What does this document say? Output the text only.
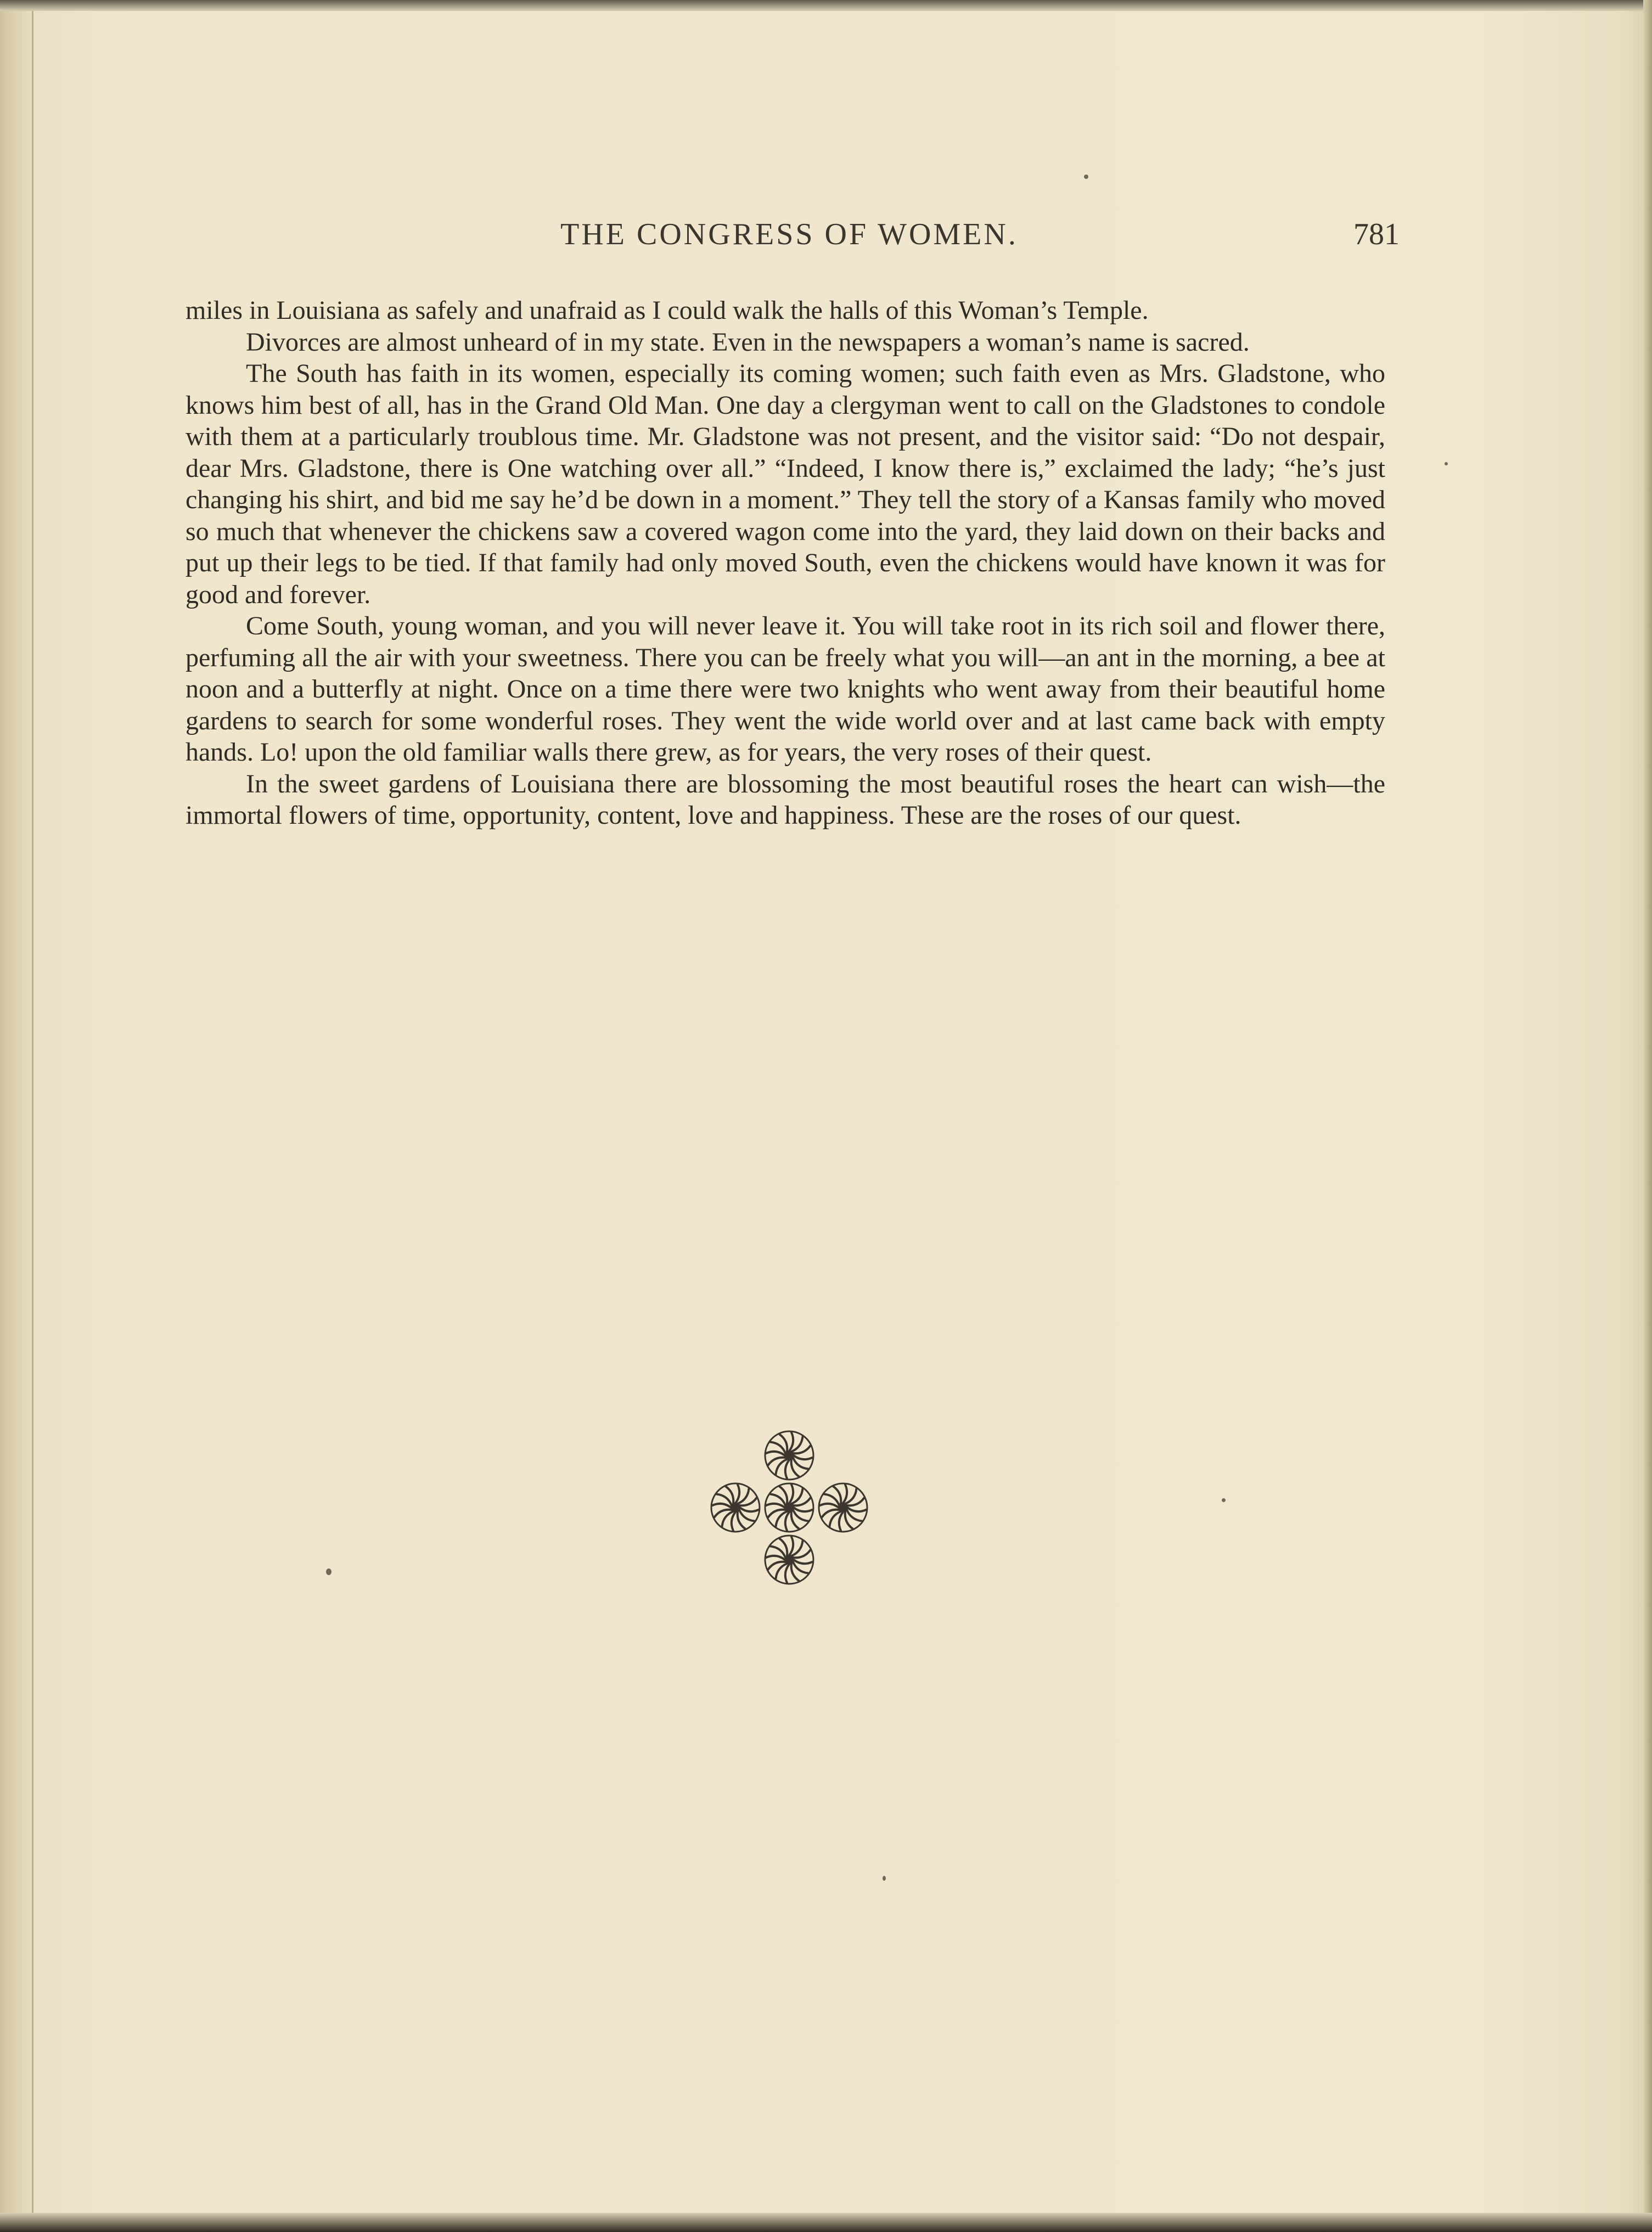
THE CONGRESS OF WOMEN.	781

miles in Louisiana as safely and unafraid as I could walk the halls of this Woman’s Temple.

Divorces are almost unheard of in my state. Even in the newspapers a woman’s name is sacred.

The South has faith in its women, especially its coming women; such faith even as Mrs. Gladstone, who knows him best of all, has in the Grand Old Man. One day a clergyman went to call on the Gladstones to condole with them at a particularly troublous time. Mr. Gladstone was not present, and the visitor said: “Do not despair, dear Mrs. Gladstone, there is One watching over all.” “Indeed, I know there is,” exclaimed the lady; “he’s just changing his shirt, and bid me say he’d be down in a moment.” They tell the story of a Kansas family who moved so much that whenever the chickens saw a covered wagon come into the yard, they laid down on their backs and put up their legs to be tied. If that family had only moved South, even the chickens would have known it was for good and forever.

Come South, young woman, and you will never leave it. You will take root in its rich soil and flower there, perfuming all the air with your sweetness. There you can be freely what you will—an ant in the morning, a bee at noon and a butterfly at night. Once on a time there were two knights who went away from their beautiful home gardens to search for some wonderful roses. They went the wide world over and at last came back with empty hands. Lo! upon the old familiar walls there grew, as for years, the very roses of their quest.

In the sweet gardens of Louisiana there are blossoming the most beautiful roses the heart can wish—the immortal flowers of time, opportunity, content, love and happiness. These are the roses of our quest.
